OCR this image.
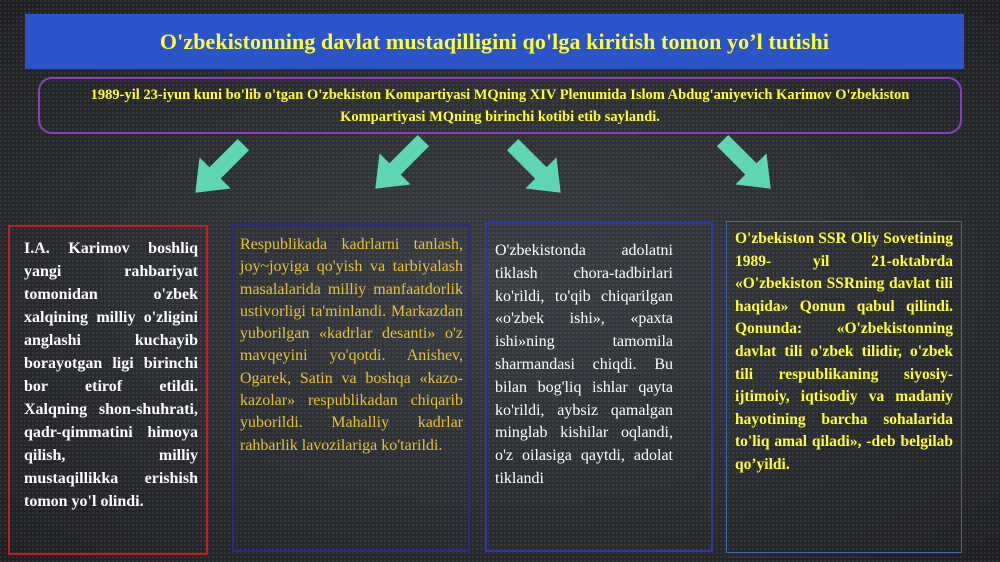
O'zbekistonning davlat mustaqilligini qo'lga kiritish tomon yo’l tutishi
1989-yil 23-iyun kuni bo'lib o'tgan O'zbekiston Kompartiyasi MQning XIV Plenumida Islom Abdug'aniyevich Karimov O'zbekiston Kompartiyasi MQning birinchi kotibi etib saylandi.
I.A. Karimov boshliq yangi rahbariyat tomonidan o'zbek xalqining milliy o'zligini anglashi kuchayib borayotgan ligi birinchi bor etirof etildi. Xalqning shon-shuhrati, qadr-qimmatini himoya qilish, milliy mustaqillikka erishish tomon yo'l olindi.
Respublikada kadrlarni tanlash, joy~joyiga qo'yish va tarbiyalash masalalarida milliy manfaatdorlik ustivorligi ta'minlandi. Markazdan yuborilgan «kadrlar desanti» o'z mavqeyini yo'qotdi. Anishev, Ogarek, Satin va boshqa «kazo-kazolar» respublikadan chiqarib yuborildi. Mahalliy kadrlar rahbarlik lavozilariga ko'tarildi.
O'zbekistonda adolatni tiklash chora-tadbirlari ko'rildi, to'qib chiqarilgan «o'zbek ishi», «paxta ishi»ning tamomila sharmandasi chiqdi. Bu bilan bog'liq ishlar qayta ko'rildi, aybsiz qamalgan minglab kishilar oqlandi, o'z oilasiga qaytdi, adolat tiklandi
O'zbekiston SSR Oliy Sovetining 1989- yil 21-oktabrda «O'zbekiston SSRning davlat tili haqida» Qonun qabul qilindi. Qonunda: «O'zbekistonning davlat tili o'zbek tilidir, o'zbek tili respublikaning siyosiy-ijtimoiy, iqtisodiy va madaniy hayotining barcha sohalarida to'liq amal qiladi», -deb belgilab qo’yildi.
